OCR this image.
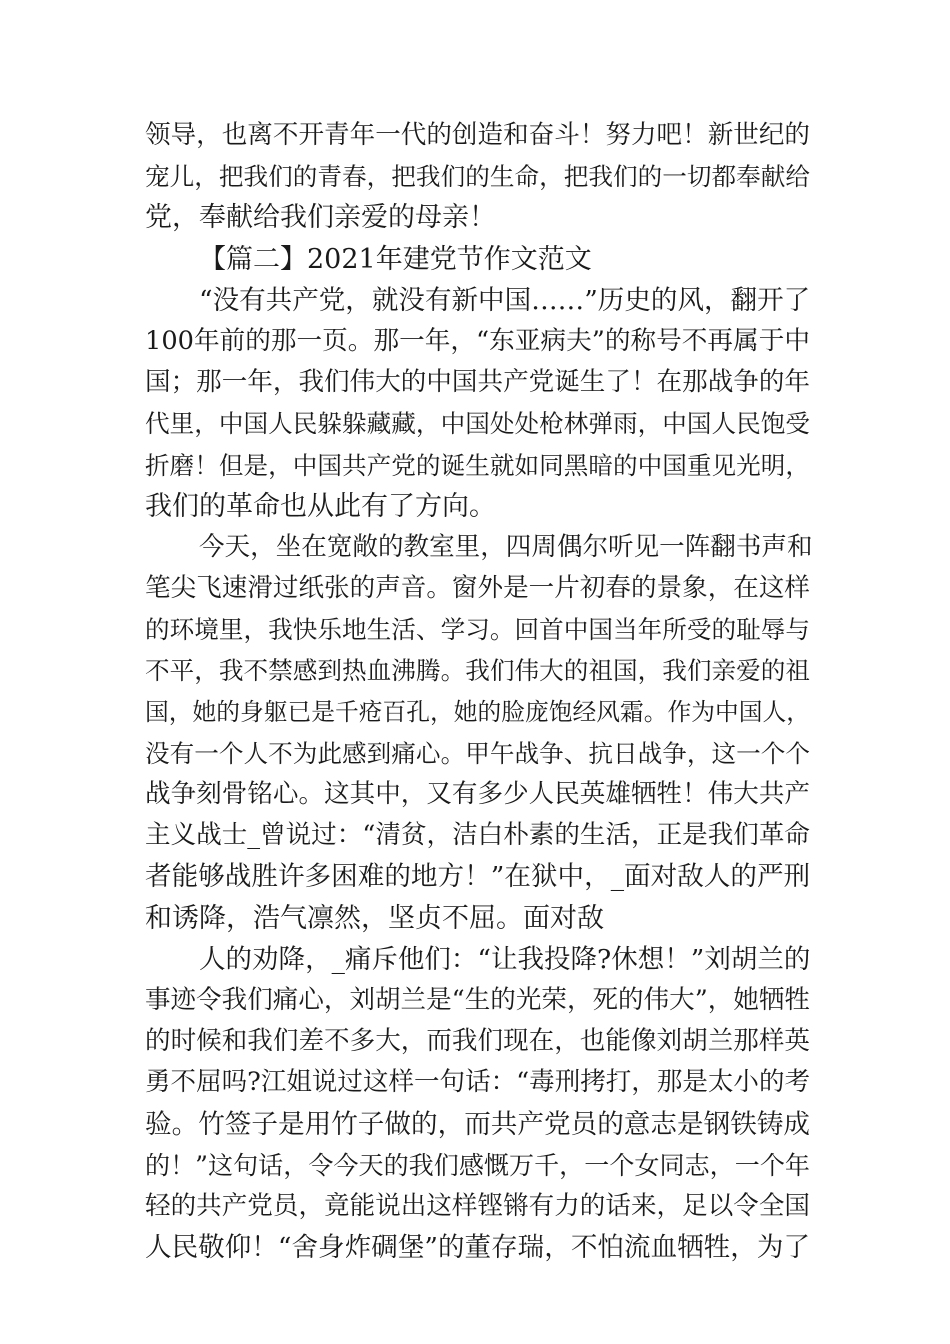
领导，也离不开青年一代的创造和奋斗！努力吧！新世纪的
宠儿，把我们的青春，把我们的生命，把我们的一切都奉献给
党，奉献给我们亲爱的母亲！
【篇二】2021年建党节作文范文
“没有共产党，就没有新中国……”历史的风，翻开了
100年前的那一页。那一年，“东亚病夫”的称号不再属于中
国；那一年，我们伟大的中国共产党诞生了！在那战争的年
代里，中国人民躲躲藏藏，中国处处枪林弹雨，中国人民饱受
折磨！但是，中国共产党的诞生就如同黑暗的中国重见光明，
我们的革命也从此有了方向。
今天，坐在宽敞的教室里，四周偶尔听见一阵翻书声和
笔尖飞速滑过纸张的声音。窗外是一片初春的景象，在这样
的环境里，我快乐地生活、学习。回首中国当年所受的耻辱与
不平，我不禁感到热血沸腾。我们伟大的祖国，我们亲爱的祖
国，她的身躯已是千疮百孔，她的脸庞饱经风霜。作为中国人，
没有一个人不为此感到痛心。甲午战争、抗日战争，这一个个
战争刻骨铭心。这其中，又有多少人民英雄牺牲！伟大共产
主义战士_曾说过：“清贫，洁白朴素的生活，正是我们革命
者能够战胜许多困难的地方！”在狱中，_面对敌人的严刑
和诱降，浩气凛然，坚贞不屈。面对敌
人的劝降，_痛斥他们：“让我投降?休想！”刘胡兰的
事迹令我们痛心，刘胡兰是“生的光荣，死的伟大”，她牺牲
的时候和我们差不多大，而我们现在，也能像刘胡兰那样英
勇不屈吗?江姐说过这样一句话：“毒刑拷打，那是太小的考
验。竹签子是用竹子做的，而共产党员的意志是钢铁铸成
的！”这句话，令今天的我们感慨万千，一个女同志，一个年
轻的共产党员，竟能说出这样铿锵有力的话来，足以令全国
人民敬仰！“舍身炸碉堡”的董存瑞，不怕流血牺牲，为了
